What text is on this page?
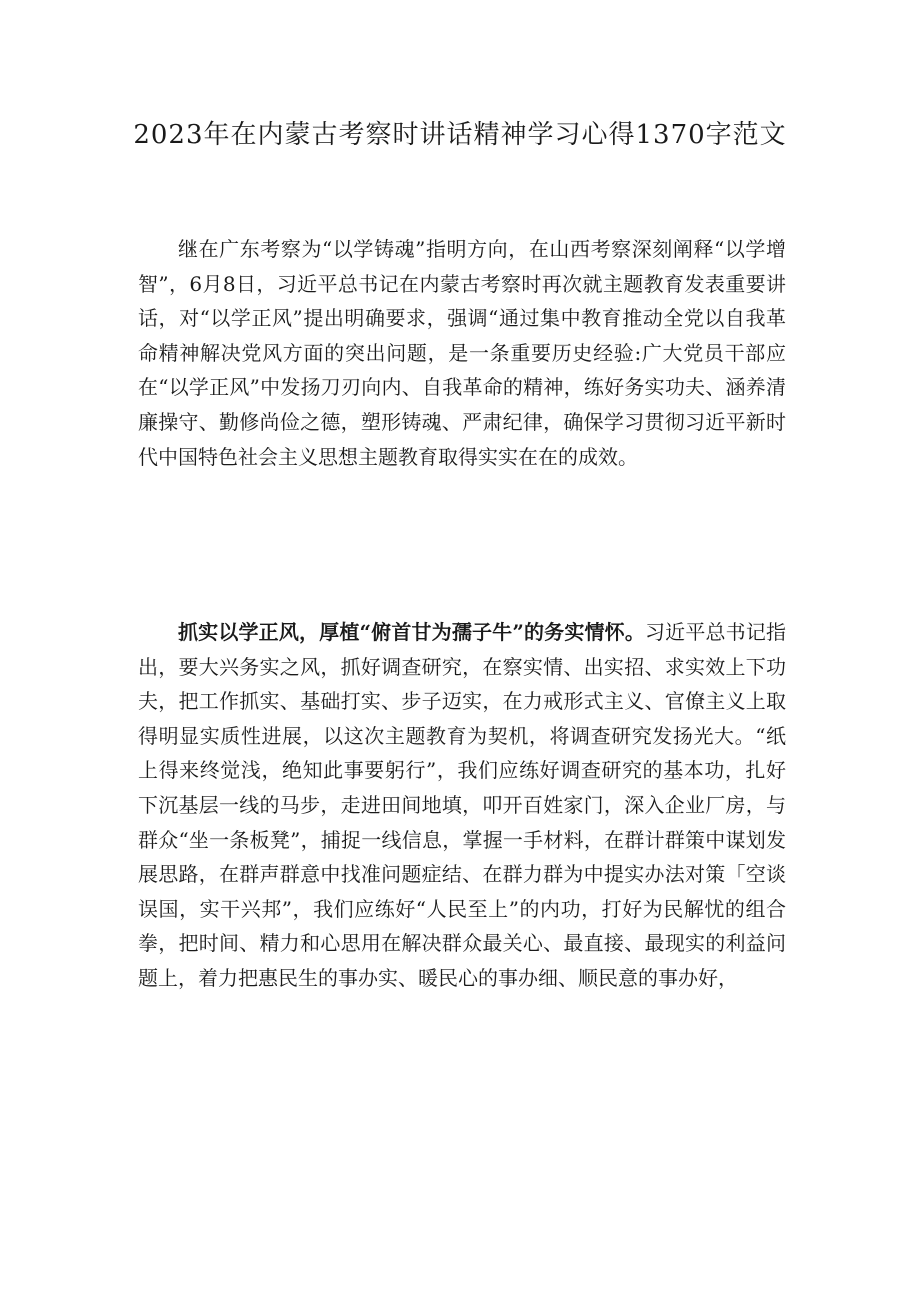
2023年在内蒙古考察时讲话精神学习心得1370字范文

继在广东考察为“以学铸魂”指明方向，在山西考察深刻阐释“以学增智”，6月8日，习近平总书记在内蒙古考察时再次就主题教育发表重要讲话，对“以学正风”提出明确要求，强调“通过集中教育推动全党以自我革命精神解决党风方面的突出问题，是一条重要历史经验:广大党员干部应在“以学正风”中发扬刀刃向内、自我革命的精神，练好务实功夫、涵养清廉操守、勤修尚俭之德，塑形铸魂、严肃纪律，确保学习贯彻习近平新时代中国特色社会主义思想主题教育取得实实在在的成效。

抓实以学正风，厚植“俯首甘为孺子牛”的务实情怀。习近平总书记指出，要大兴务实之风，抓好调查研究，在察实情、出实招、求实效上下功夫，把工作抓实、基础打实、步子迈实，在力戒形式主义、官僚主义上取得明显实质性进展，以这次主题教育为契机，将调查研究发扬光大。“纸上得来终觉浅，绝知此事要躬行”，我们应练好调查研究的基本功，扎好下沉基层一线的马步，走进田间地填，叩开百姓家门，深入企业厂房，与群众“坐一条板凳”，捕捉一线信息，掌握一手材料，在群计群策中谋划发展思路，在群声群意中找准问题症结、在群力群为中提实办法对策「空谈误国，实干兴邦”，我们应练好“人民至上”的内功，打好为民解忧的组合拳，把时间、精力和心思用在解决群众最关心、最直接、最现实的利益问题上，着力把惠民生的事办实、暖民心的事办细、顺民意的事办好，
